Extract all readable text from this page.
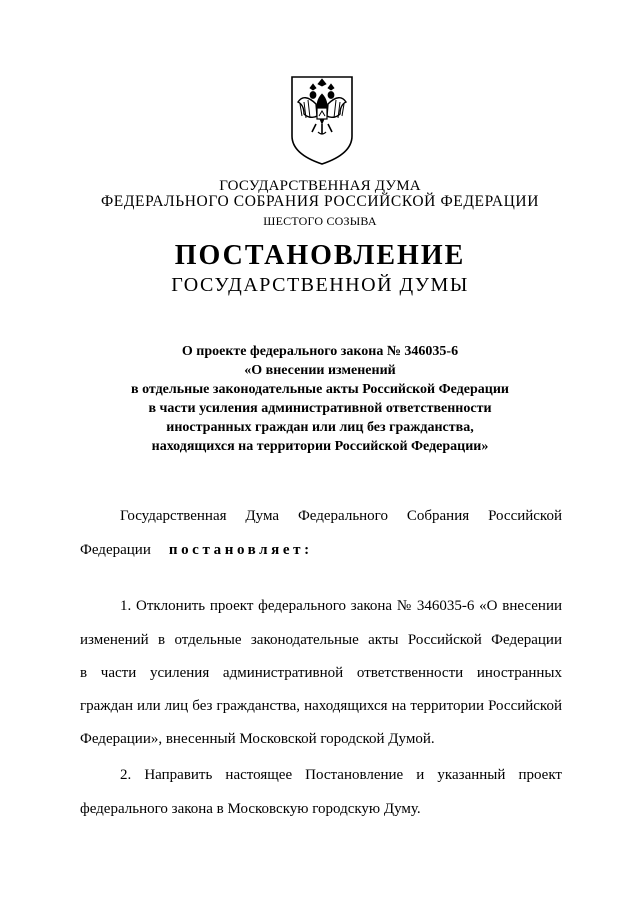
ГОСУДАРСТВЕННАЯ ДУМА
ФЕДЕРАЛЬНОГО СОБРАНИЯ РОССИЙСКОЙ ФЕДЕРАЦИИ
ШЕСТОГО СОЗЫВА
ПОСТАНОВЛЕНИЕ
ГОСУДАРСТВЕННОЙ ДУМЫ
О проекте федерального закона № 346035-6
«О внесении изменений
в отдельные законодательные акты Российской Федерации
в части усиления административной ответственности
иностранных граждан или лиц без гражданства,
находящихся на территории Российской Федерации»
Государственная Дума Федерального Собрания Российской
Федерации постановляет:
1. Отклонить проект федерального закона № 346035-6 «О внесении
изменений в отдельные законодательные акты Российской Федерации
в части усиления административной ответственности иностранных
граждан или лиц без гражданства, находящихся на территории Российской
Федерации», внесенный Московской городской Думой.
2. Направить настоящее Постановление и указанный проект
федерального закона в Московскую городскую Думу.
